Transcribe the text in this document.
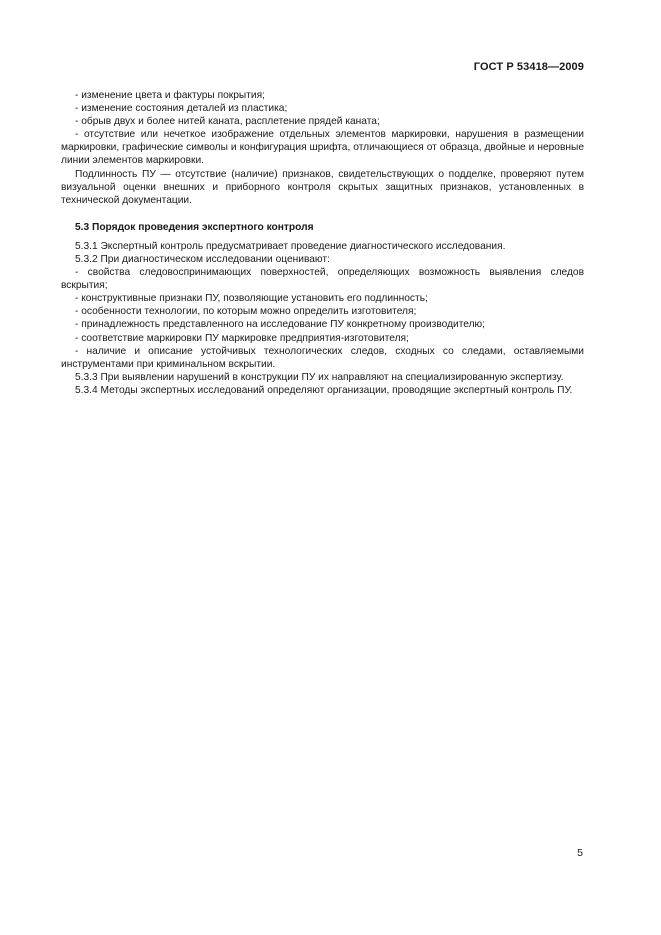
ГОСТ Р 53418—2009

- изменение цвета и фактуры покрытия;

- изменение состояния деталей из пластика;

- обрыв двух и более нитей каната, расплетение прядей каната;

- отсутствие или нечеткое изображение отдельных элементов маркировки, нарушения в размещении маркировки, графические символы и конфигурация шрифта, отличающиеся от образца, двойные и неровные линии элементов маркировки.

Подлинность ПУ — отсутствие (наличие) признаков, свидетельствующих о подделке, проверяют путем визуальной оценки внешних и приборного контроля скрытых защитных признаков, установленных в технической документации.

5.3 Порядок проведения экспертного контроля

5.3.1 Экспертный контроль предусматривает проведение диагностического исследования.

5.3.2 При диагностическом исследовании оценивают:

- свойства следовоспринимающих поверхностей, определяющих возможность выявления следов вскрытия;

- конструктивные признаки ПУ, позволяющие установить его подлинность;

- особенности технологии, по которым можно определить изготовителя;

- принадлежность представленного на исследование ПУ конкретному производителю;

- соответствие маркировки ПУ маркировке предприятия-изготовителя;

- наличие и описание устойчивых технологических следов, сходных со следами, оставляемыми инструментами при криминальном вскрытии.

5.3.3 При выявлении нарушений в конструкции ПУ их направляют на специализированную экспертизу.

5.3.4 Методы экспертных исследований определяют организации, проводящие экспертный контроль ПУ.

5
